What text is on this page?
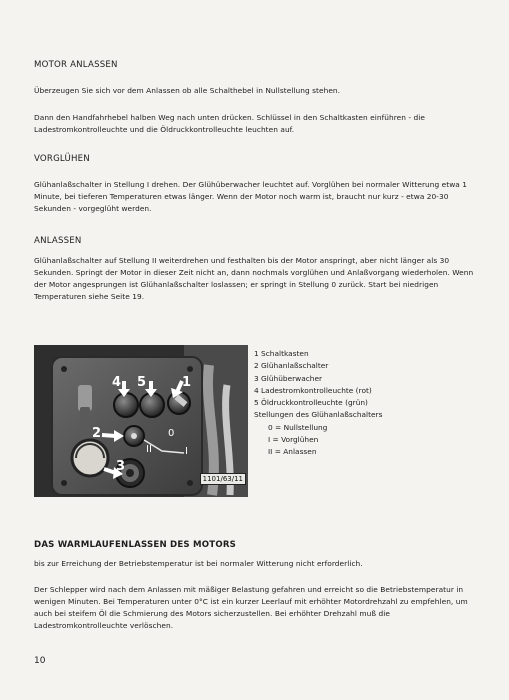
MOTOR ANLASSEN
Überzeugen Sie sich vor dem Anlassen ob alle Schalthebel in Nullstellung stehen.
Dann den Handfahrhebel halben Weg nach unten drücken. Schlüssel in den Schaltkasten einführen - die Ladestromkontrolleuchte und die Öldruckkontrolleuchte leuchten auf.
VORGLÜHEN
Glühanlaßschalter in Stellung I drehen. Der Glühüberwacher leuchtet auf. Vorglühen bei normaler Witterung etwa 1 Minute, bei tieferen Temperaturen etwas länger. Wenn der Motor noch warm ist, braucht nur kurz - etwa 20-30 Sekunden - vorgeglüht werden.
ANLASSEN
Glühanlaßschalter auf Stellung II weiterdrehen und festhalten bis der Motor anspringt, aber nicht länger als 30 Sekunden. Springt der Motor in dieser Zeit nicht an, dann nochmals vorglühen und Anlaßvorgang wiederholen. Wenn der Motor angesprungen ist Glühanlaßschalter loslassen; er springt in Stellung 0 zurück. Start bei niedrigen Temperaturen siehe Seite 19.
4 5	1
2
3
0
I
II
1101/63/11
1 Schaltkasten
2 Glühanlaßschalter
3 Glühüberwacher
4 Ladestromkontrolleuchte (rot)
5 Öldruckkontrolleuchte (grün)
Stellungen des Glühanlaßschalters
0 = Nullstellung
I = Vorglühen
II = Anlassen
DAS WARMLAUFENLASSEN DES MOTORS
bis zur Erreichung der Betriebstemperatur ist bei normaler Witterung nicht erforderlich.
Der Schlepper wird nach dem Anlassen mit mäßiger Belastung gefahren und erreicht so die Betriebstemperatur in wenigen Minuten. Bei Temperaturen unter 0°C ist ein kurzer Leerlauf mit erhöhter Motordrehzahl zu empfehlen, um auch bei steifem Öl die Schmierung des Motors sicherzustellen. Bei erhöhter Drehzahl muß die Ladestromkontrolleuchte verlöschen.
10
